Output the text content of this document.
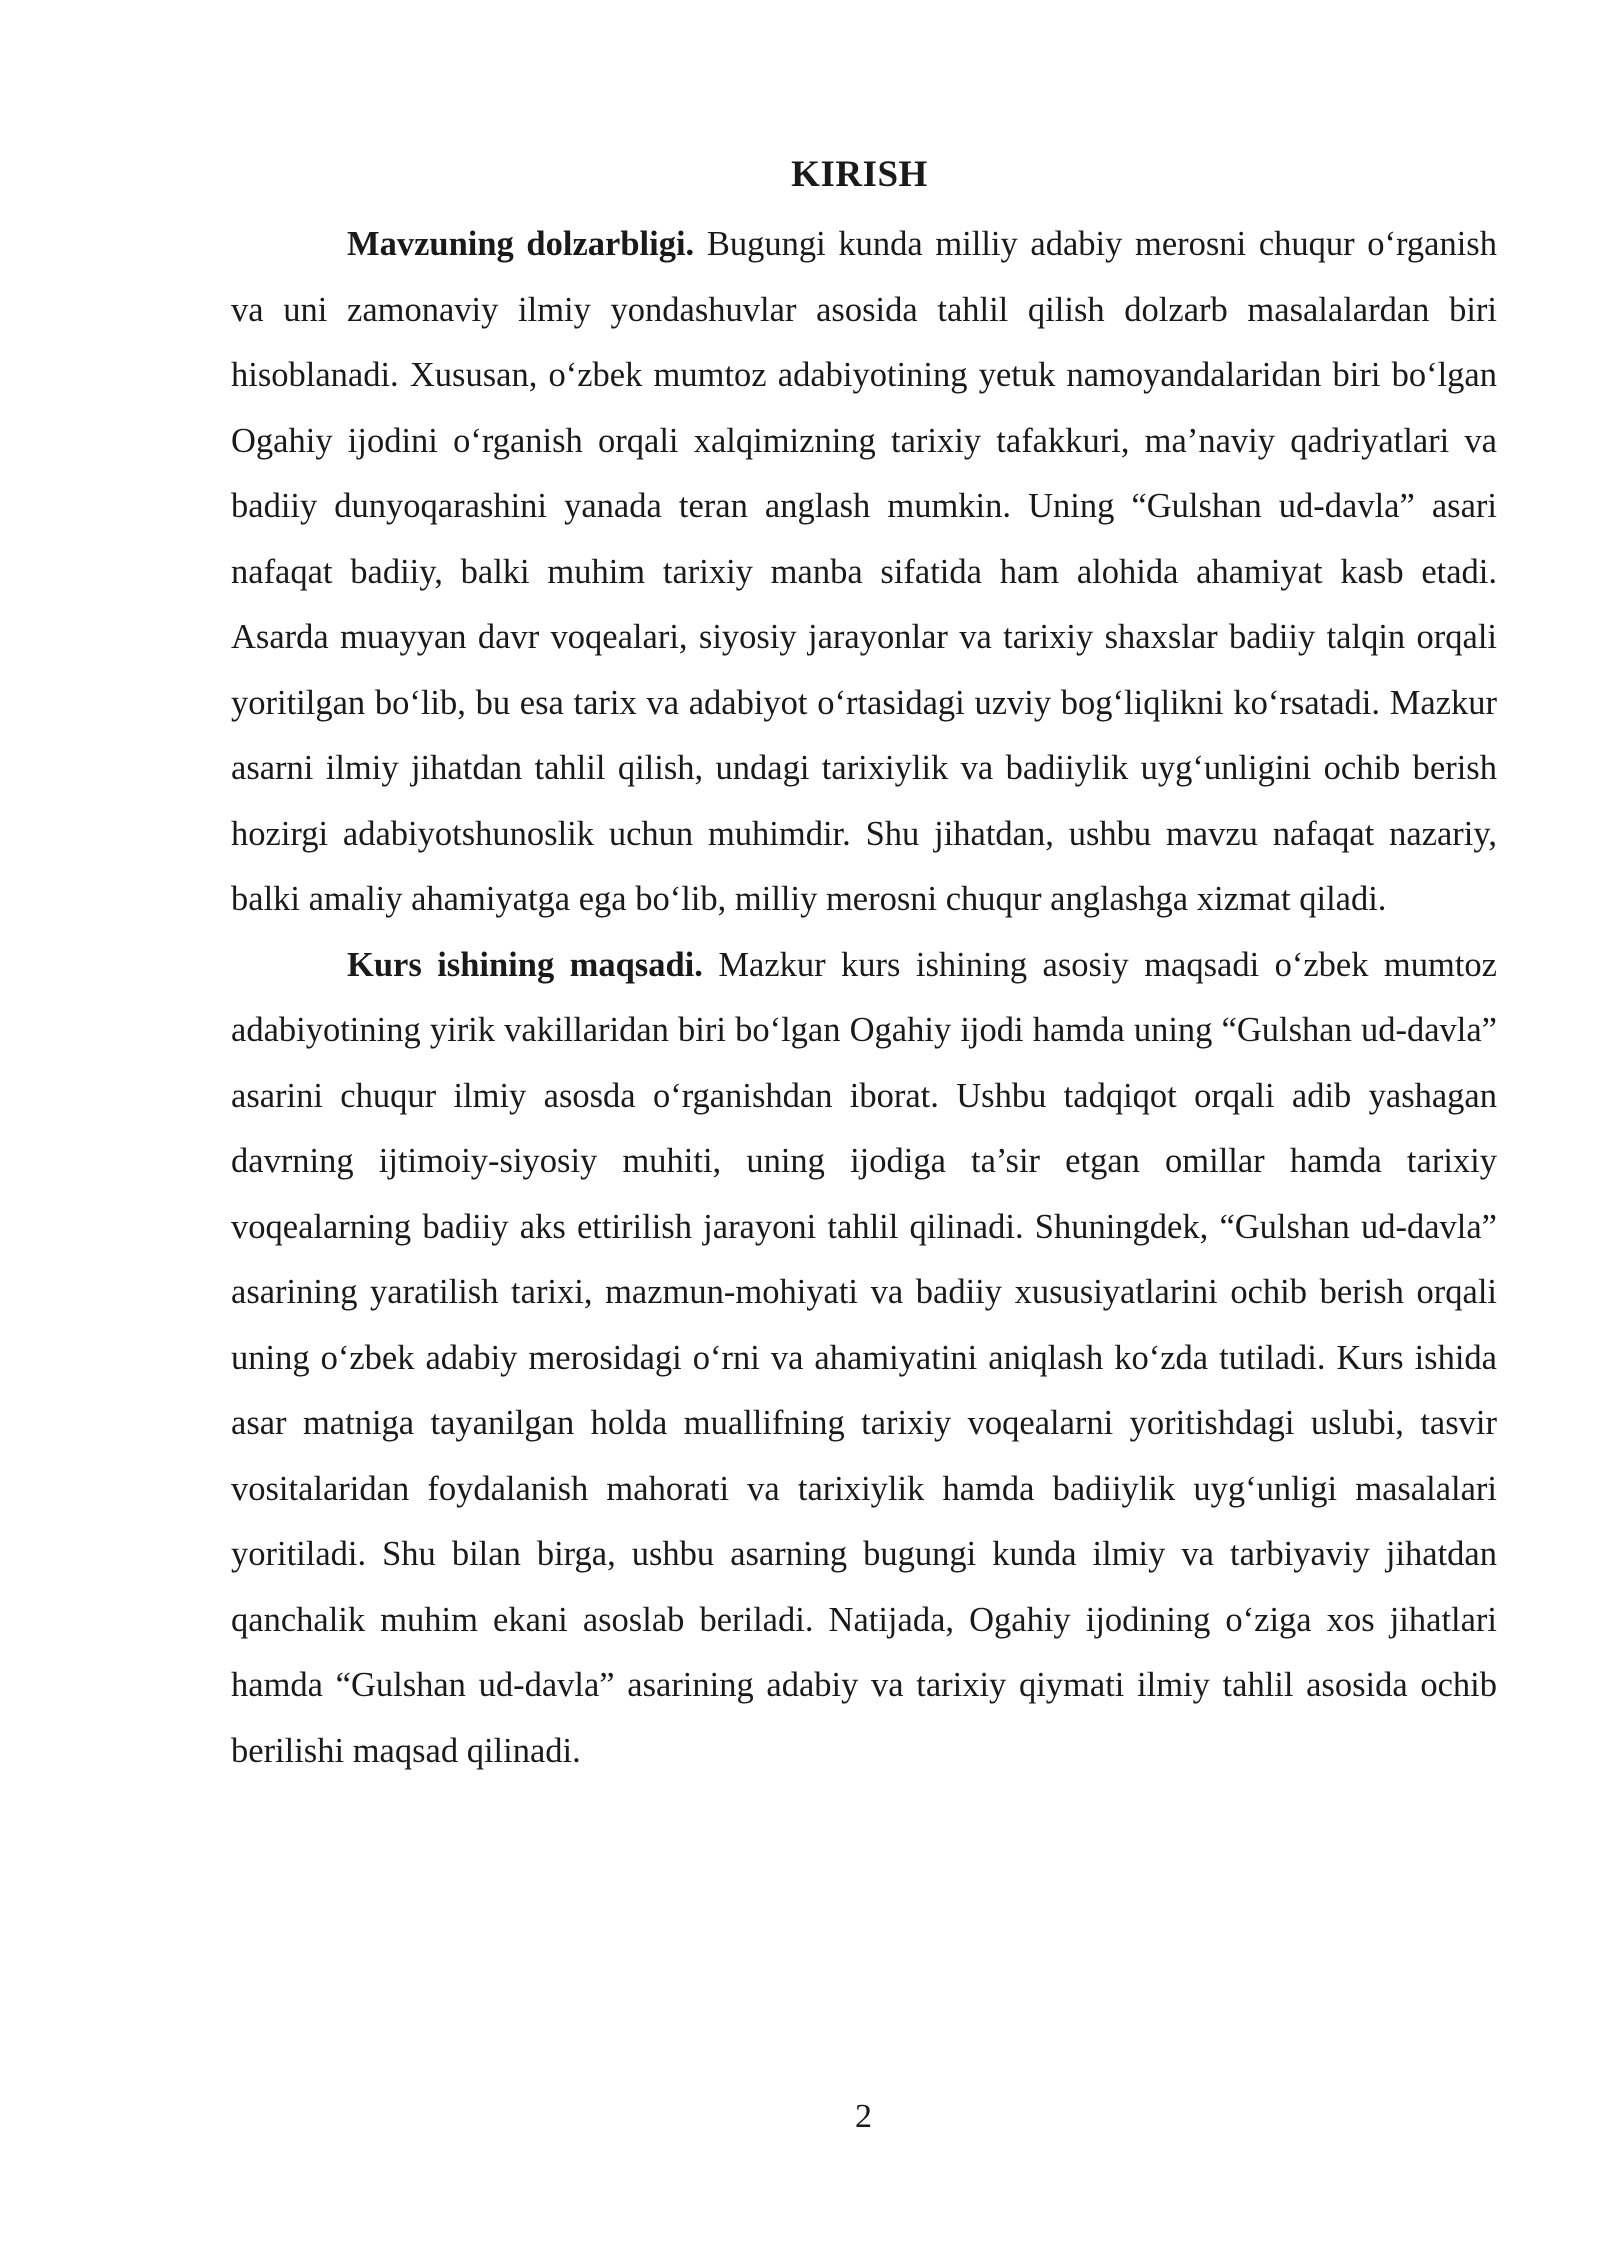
KIRISH

Mavzuning dolzarbligi. Bugungi kunda milliy adabiy merosni chuqur o‘rganish va uni zamonaviy ilmiy yondashuvlar asosida tahlil qilish dolzarb masalalardan biri hisoblanadi. Xususan, o‘zbek mumtoz adabiyotining yetuk namoyandalaridan biri bo‘lgan Ogahiy ijodini o‘rganish orqali xalqimizning tarixiy tafakkuri, ma’naviy qadriyatlari va badiiy dunyoqarashini yanada teran anglash mumkin. Uning “Gulshan ud-davla” asari nafaqat badiiy, balki muhim tarixiy manba sifatida ham alohida ahamiyat kasb etadi. Asarda muayyan davr voqealari, siyosiy jarayonlar va tarixiy shaxslar badiiy talqin orqali yoritilgan bo‘lib, bu esa tarix va adabiyot o‘rtasidagi uzviy bog‘liqlikni ko‘rsatadi. Mazkur asarni ilmiy jihatdan tahlil qilish, undagi tarixiylik va badiiylik uyg‘unligini ochib berish hozirgi adabiyotshunoslik uchun muhimdir. Shu jihatdan, ushbu mavzu nafaqat nazariy, balki amaliy ahamiyatga ega bo‘lib, milliy merosni chuqur anglashga xizmat qiladi.

Kurs ishining maqsadi. Mazkur kurs ishining asosiy maqsadi o‘zbek mumtoz adabiyotining yirik vakillaridan biri bo‘lgan Ogahiy ijodi hamda uning “Gulshan ud-davla” asarini chuqur ilmiy asosda o‘rganishdan iborat. Ushbu tadqiqot orqali adib yashagan davrning ijtimoiy-siyosiy muhiti, uning ijodiga ta’sir etgan omillar hamda tarixiy voqealarning badiiy aks ettirilish jarayoni tahlil qilinadi. Shuningdek, “Gulshan ud-davla” asarining yaratilish tarixi, mazmun-mohiyati va badiiy xususiyatlarini ochib berish orqali uning o‘zbek adabiy merosidagi o‘rni va ahamiyatini aniqlash ko‘zda tutiladi. Kurs ishida asar matniga tayanilgan holda muallifning tarixiy voqealarni yoritishdagi uslubi, tasvir vositalaridan foydalanish mahorati va tarixiylik hamda badiiylik uyg‘unligi masalalari yoritiladi. Shu bilan birga, ushbu asarning bugungi kunda ilmiy va tarbiyaviy jihatdan qanchalik muhim ekani asoslab beriladi. Natijada, Ogahiy ijodining o‘ziga xos jihatlari hamda “Gulshan ud-davla” asarining adabiy va tarixiy qiymati ilmiy tahlil asosida ochib berilishi maqsad qilinadi.

2
